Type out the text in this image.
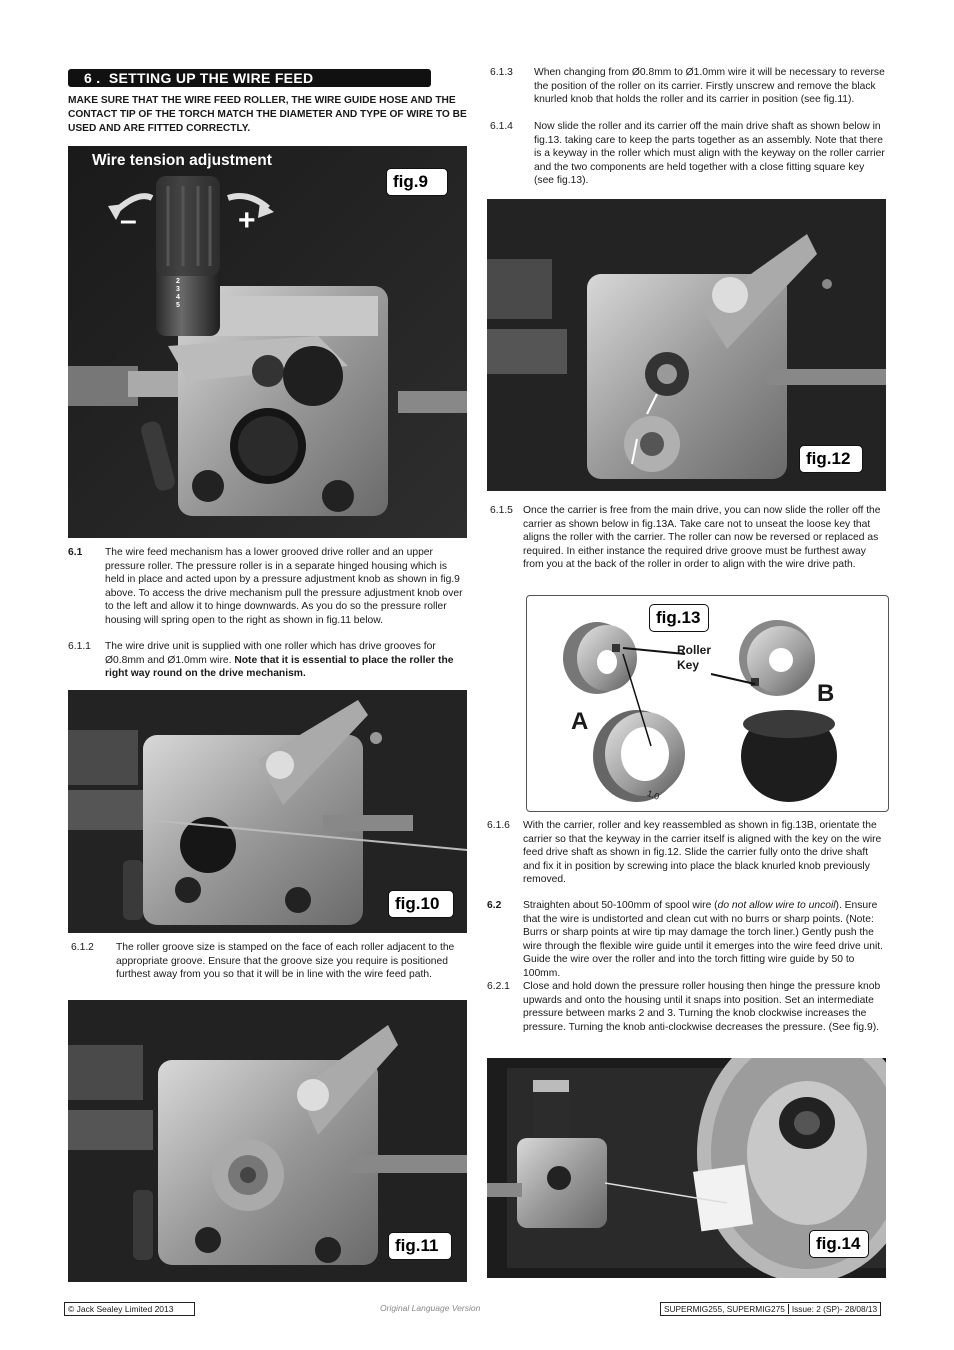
6 . SETTING UP THE WIRE FEED
MAKE SURE THAT THE WIRE FEED ROLLER, THE WIRE GUIDE HOSE AND THE CONTACT TIP OF THE TORCH MATCH THE DIAMETER AND TYPE OF WIRE TO BE USED AND ARE FITTED CORRECTLY.
Wire tension adjustment
–	+
2
3
4
5
fig.9
6.1 The wire feed mechanism has a lower grooved drive roller and an upper pressure roller. The pressure roller is in a separate hinged housing which is held in place and acted upon by a pressure adjustment knob as shown in fig.9 above. To access the drive mechanism pull the pressure adjustment knob over to the left and allow it to hinge downwards. As you do so the pressure roller housing will spring open to the right as shown in fig.11 below.
6.1.1 The wire drive unit is supplied with one roller which has drive grooves for Ø0.8mm and Ø1.0mm wire. Note that it is essential to place the roller the right way round on the drive mechanism.
fig.10
6.1.2 The roller groove size is stamped on the face of each roller adjacent to the appropriate groove. Ensure that the groove size you require is positioned furthest away from you so that it will be in line with the wire feed path.
fig.11
6.1.3 When changing from Ø0.8mm to Ø1.0mm wire it will be necessary to reverse the position of the roller on its carrier. Firstly unscrew and remove the black knurled knob that holds the roller and its carrier in position (see fig.11).
6.1.4 Now slide the roller and its carrier off the main drive shaft as shown below in fig.13. taking care to keep the parts together as an assembly. Note that there is a keyway in the roller which must align with the keyway on the roller carrier and the two components are held together with a close fitting square key (see fig.13).
fig.12
6.1.5 Once the carrier is free from the main drive, you can now slide the roller off the carrier as shown below in fig.13A. Take care not to unseat the loose key that aligns the roller with the carrier. The roller can now be reversed or replaced as required. In either instance the required drive groove must be furthest away from you at the back of the roller in order to align with the wire drive path.
fig.13
Roller Key
A
B
1.0
6.1.6 With the carrier, roller and key reassembled as shown in fig.13B, orientate the carrier so that the keyway in the carrier itself is aligned with the key on the wire feed drive shaft as shown in fig.12. Slide the carrier fully onto the drive shaft and fix it in position by screwing into place the black knurled knob previously removed.
6.2 Straighten about 50-100mm of spool wire (do not allow wire to uncoil). Ensure that the wire is undistorted and clean cut with no burrs or sharp points. (Note: Burrs or sharp points at wire tip may damage the torch liner.) Gently push the wire through the flexible wire guide until it emerges into the wire feed drive unit. Guide the wire over the roller and into the torch fitting wire guide by 50 to 100mm.
6.2.1 Close and hold down the pressure roller housing then hinge the pressure knob upwards and onto the housing until it snaps into position. Set an intermediate pressure between marks 2 and 3. Turning the knob clockwise increases the pressure. Turning the knob anti-clockwise decreases the pressure. (See fig.9).
fig.14
© Jack Sealey Limited 2013	Original Language Version	SUPERMIG255, SUPERMIG275 Issue: 2 (SP)- 28/08/13
